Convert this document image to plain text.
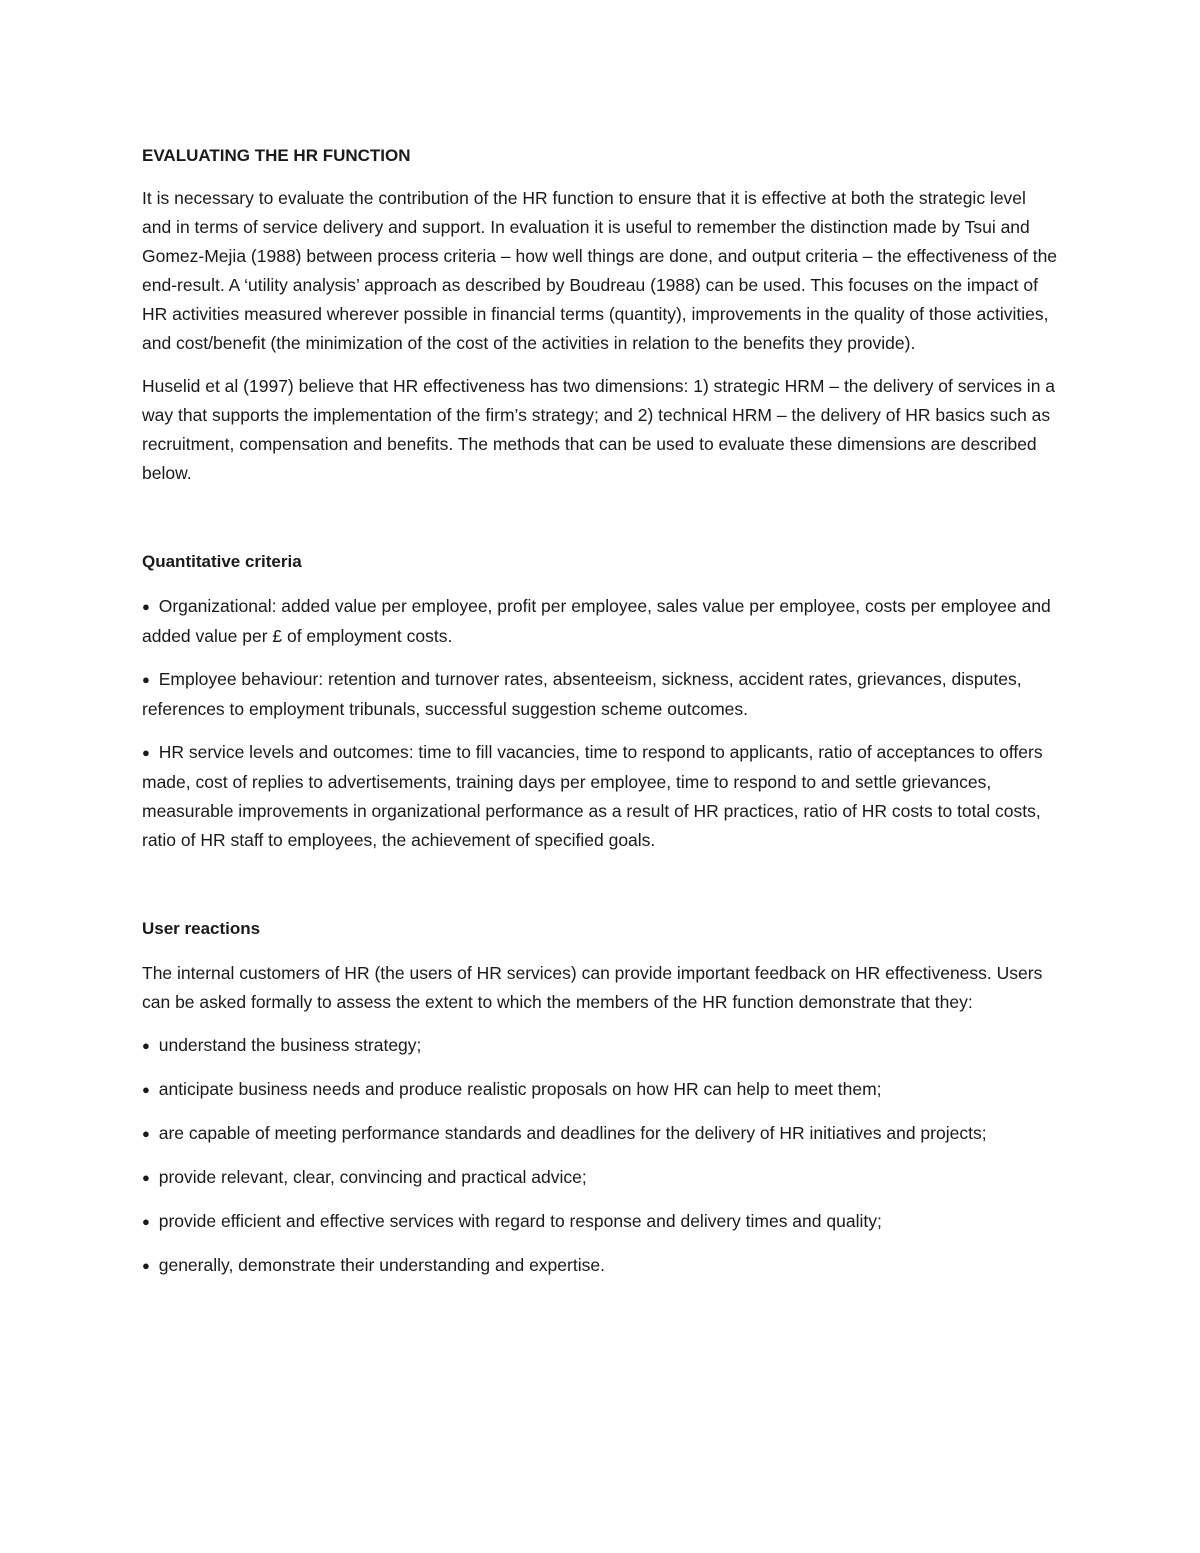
EVALUATING THE HR FUNCTION

It is necessary to evaluate the contribution of the HR function to ensure that it is effective at both the strategic level and in terms of service delivery and support. In evaluation it is useful to remember the distinction made by Tsui and Gomez-Mejia (1988) between process criteria – how well things are done, and output criteria – the effectiveness of the end-result. A ‘utility analysis’ approach as described by Boudreau (1988) can be used. This focuses on the impact of HR activities measured wherever possible in financial terms (quantity), improvements in the quality of those activities, and cost/benefit (the minimization of the cost of the activities in relation to the benefits they provide).

Huselid et al (1997) believe that HR effectiveness has two dimensions: 1) strategic HRM – the delivery of services in a way that supports the implementation of the firm’s strategy; and 2) technical HRM – the delivery of HR basics such as recruitment, compensation and benefits. The methods that can be used to evaluate these dimensions are described below.

Quantitative criteria
● Organizational: added value per employee, profit per employee, sales value per employee, costs per employee and added value per £ of employment costs.
● Employee behaviour: retention and turnover rates, absenteeism, sickness, accident rates, grievances, disputes, references to employment tribunals, successful suggestion scheme outcomes.
● HR service levels and outcomes: time to fill vacancies, time to respond to applicants, ratio of acceptances to offers made, cost of replies to advertisements, training days per employee, time to respond to and settle grievances, measurable improvements in organizational performance as a result of HR practices, ratio of HR costs to total costs, ratio of HR staff to employees, the achievement of specified goals.
User reactions

The internal customers of HR (the users of HR services) can provide important feedback on HR effectiveness. Users can be asked formally to assess the extent to which the members of the HR function demonstrate that they:

● understand the business strategy;
● anticipate business needs and produce realistic proposals on how HR can help to meet them;
● are capable of meeting performance standards and deadlines for the delivery of HR initiatives and projects;
● provide relevant, clear, convincing and practical advice;
● provide efficient and effective services with regard to response and delivery times and quality;
● generally, demonstrate their understanding and expertise.
